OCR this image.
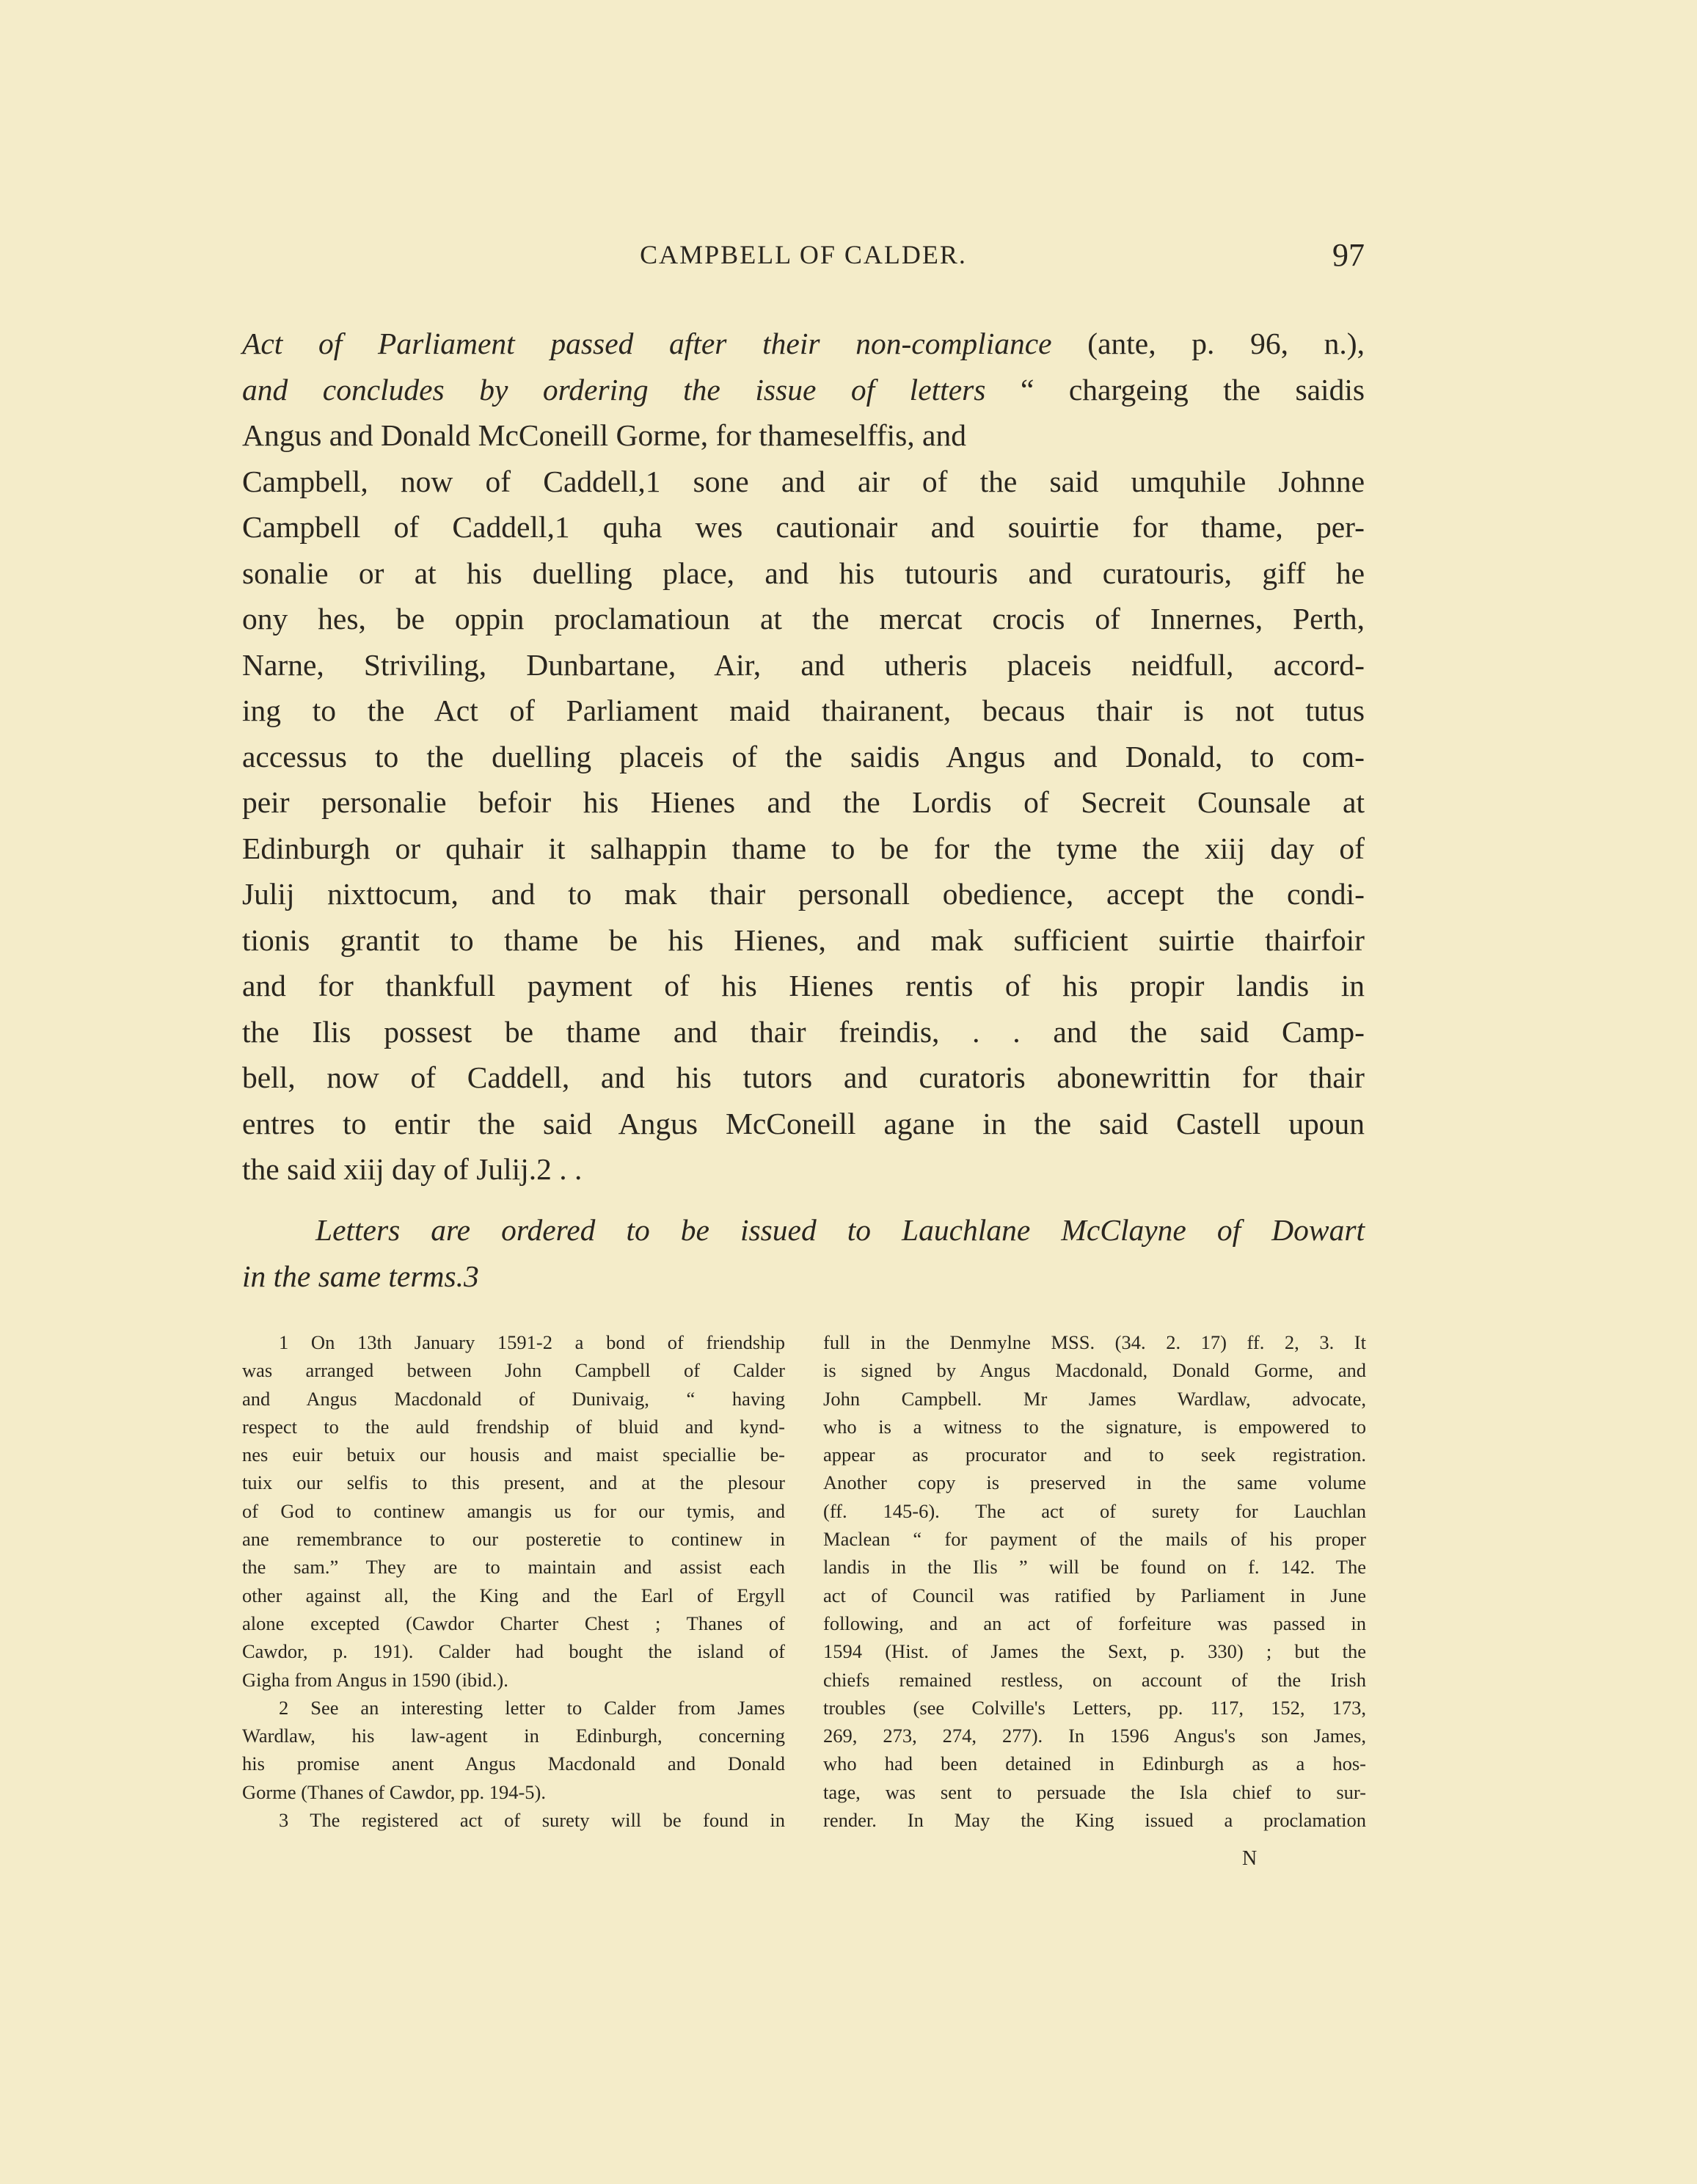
CAMPBELL OF CALDER.	97
Act of Parliament passed after their non-compliance (ante, p. 96, n.),
and concludes by ordering the issue of letters “ chargeing the saidis
Angus and Donald McConeill Gorme, for thameselffis, and
Campbell, now of Caddell,1 sone and air of the said umquhile Johnne
Campbell of Caddell,1 quha wes cautionair and souirtie for thame, per-
sonalie or at his duelling place, and his tutouris and curatouris, giff he
ony hes, be oppin proclamatioun at the mercat crocis of Innernes, Perth,
Narne, Striviling, Dunbartane, Air, and utheris placeis neidfull, accord-
ing to the Act of Parliament maid thairanent, becaus thair is not tutus
accessus to the duelling placeis of the saidis Angus and Donald, to com-
peir personalie befoir his Hienes and the Lordis of Secreit Counsale at
Edinburgh or quhair it salhappin thame to be for the tyme the xiij day of
Julij nixttocum, and to mak thair personall obedience, accept the condi-
tionis grantit to thame be his Hienes, and mak sufficient suirtie thairfoir
and for thankfull payment of his Hienes rentis of his propir landis in
the Ilis possest be thame and thair freindis, . . and the said Camp-
bell, now of Caddell, and his tutors and curatoris abonewrittin for thair
entres to entir the said Angus McConeill agane in the said Castell upoun
the said xiij day of Julij.2 . .
Letters are ordered to be issued to Lauchlane McClayne of Dowart
in the same terms.3
1 On 13th January 1591-2 a bond of friendship
was arranged between John Campbell of Calder
and Angus Macdonald of Dunivaig, “ having
respect to the auld frendship of bluid and kynd-
nes euir betuix our housis and maist speciallie be-
tuix our selfis to this present, and at the plesour
of God to continew amangis us for our tymis, and
ane remembrance to our posteretie to continew in
the sam.” They are to maintain and assist each
other against all, the King and the Earl of Ergyll
alone excepted (Cawdor Charter Chest ; Thanes of
Cawdor, p. 191). Calder had bought the island of
Gigha from Angus in 1590 (ibid.).
2 See an interesting letter to Calder from James
Wardlaw, his law-agent in Edinburgh, concerning
his promise anent Angus Macdonald and Donald
Gorme (Thanes of Cawdor, pp. 194-5).
3 The registered act of surety will be found in
full in the Denmylne MSS. (34. 2. 17) ff. 2, 3. It
is signed by Angus Macdonald, Donald Gorme, and
John Campbell. Mr James Wardlaw, advocate,
who is a witness to the signature, is empowered to
appear as procurator and to seek registration.
Another copy is preserved in the same volume
(ff. 145-6). The act of surety for Lauchlan
Maclean “ for payment of the mails of his proper
landis in the Ilis ” will be found on f. 142. The
act of Council was ratified by Parliament in June
following, and an act of forfeiture was passed in
1594 (Hist. of James the Sext, p. 330) ; but the
chiefs remained restless, on account of the Irish
troubles (see Colville's Letters, pp. 117, 152, 173,
269, 273, 274, 277). In 1596 Angus's son James,
who had been detained in Edinburgh as a hos-
tage, was sent to persuade the Isla chief to sur-
render. In May the King issued a proclamation
N
